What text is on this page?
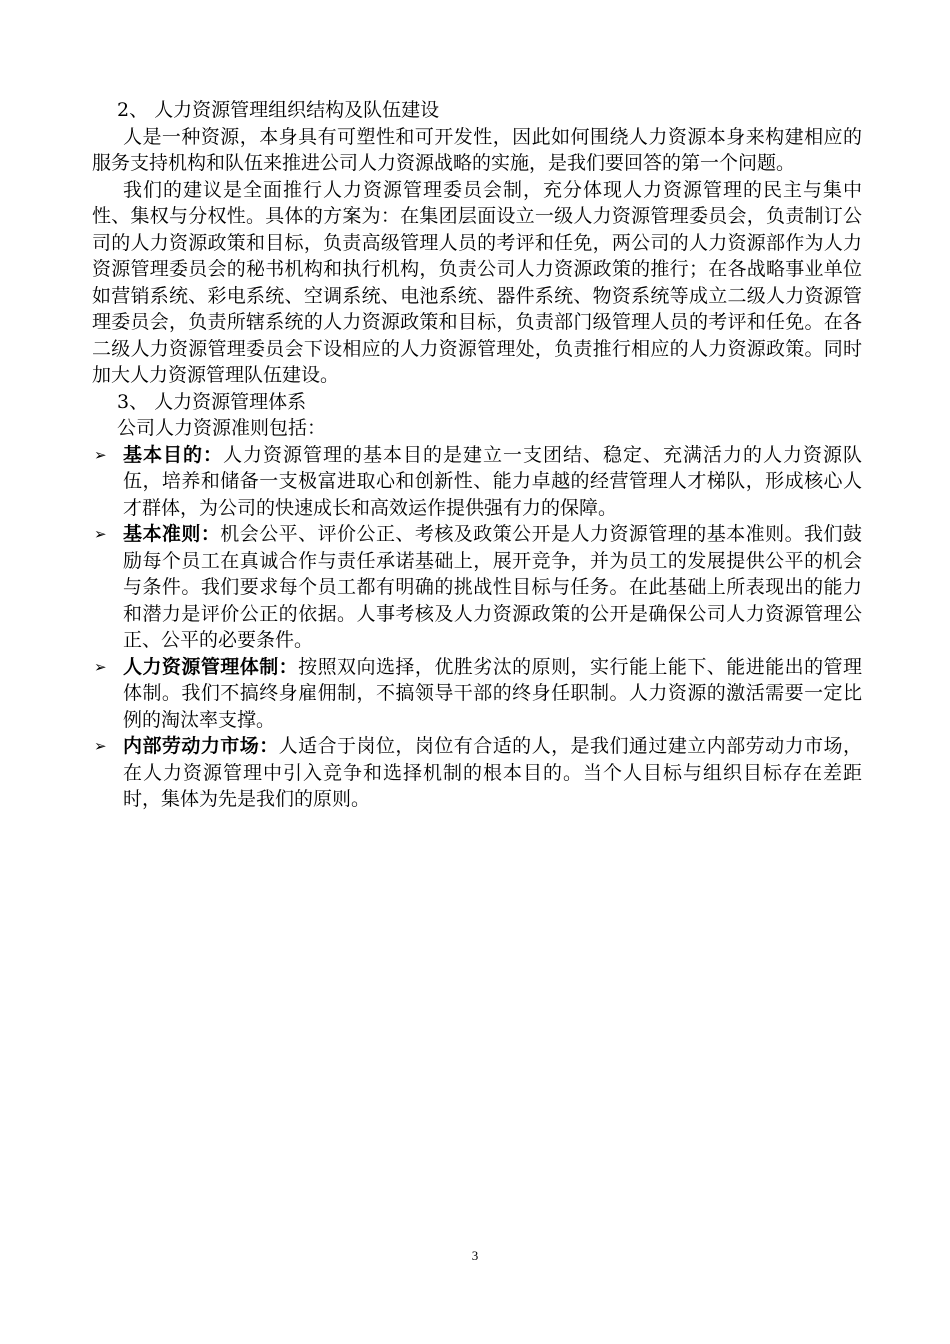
2、 人力资源管理组织结构及队伍建设

人是一种资源，本身具有可塑性和可开发性，因此如何围绕人力资源本身来构建相应的服务支持机构和队伍来推进公司人力资源战略的实施，是我们要回答的第一个问题。

我们的建议是全面推行人力资源管理委员会制，充分体现人力资源管理的民主与集中性、集权与分权性。具体的方案为：在集团层面设立一级人力资源管理委员会，负责制订公司的人力资源政策和目标，负责高级管理人员的考评和任免，两公司的人力资源部作为人力资源管理委员会的秘书机构和执行机构，负责公司人力资源政策的推行；在各战略事业单位如营销系统、彩电系统、空调系统、电池系统、器件系统、物资系统等成立二级人力资源管理委员会，负责所辖系统的人力资源政策和目标，负责部门级管理人员的考评和任免。在各二级人力资源管理委员会下设相应的人力资源管理处，负责推行相应的人力资源政策。同时加大人力资源管理队伍建设。

3、 人力资源管理体系

公司人力资源准则包括：

➢ 基本目的：人力资源管理的基本目的是建立一支团结、稳定、充满活力的人力资源队伍，培养和储备一支极富进取心和创新性、能力卓越的经营管理人才梯队，形成核心人才群体，为公司的快速成长和高效运作提供强有力的保障。

➢ 基本准则：机会公平、评价公正、考核及政策公开是人力资源管理的基本准则。我们鼓励每个员工在真诚合作与责任承诺基础上，展开竞争，并为员工的发展提供公平的机会与条件。我们要求每个员工都有明确的挑战性目标与任务。在此基础上所表现出的能力和潜力是评价公正的依据。人事考核及人力资源政策的公开是确保公司人力资源管理公正、公平的必要条件。

➢ 人力资源管理体制：按照双向选择，优胜劣汰的原则，实行能上能下、能进能出的管理体制。我们不搞终身雇佣制，不搞领导干部的终身任职制。人力资源的激活需要一定比例的淘汰率支撑。

➢ 内部劳动力市场：人适合于岗位，岗位有合适的人，是我们通过建立内部劳动力市场，在人力资源管理中引入竞争和选择机制的根本目的。当个人目标与组织目标存在差距时，集体为先是我们的原则。

3
